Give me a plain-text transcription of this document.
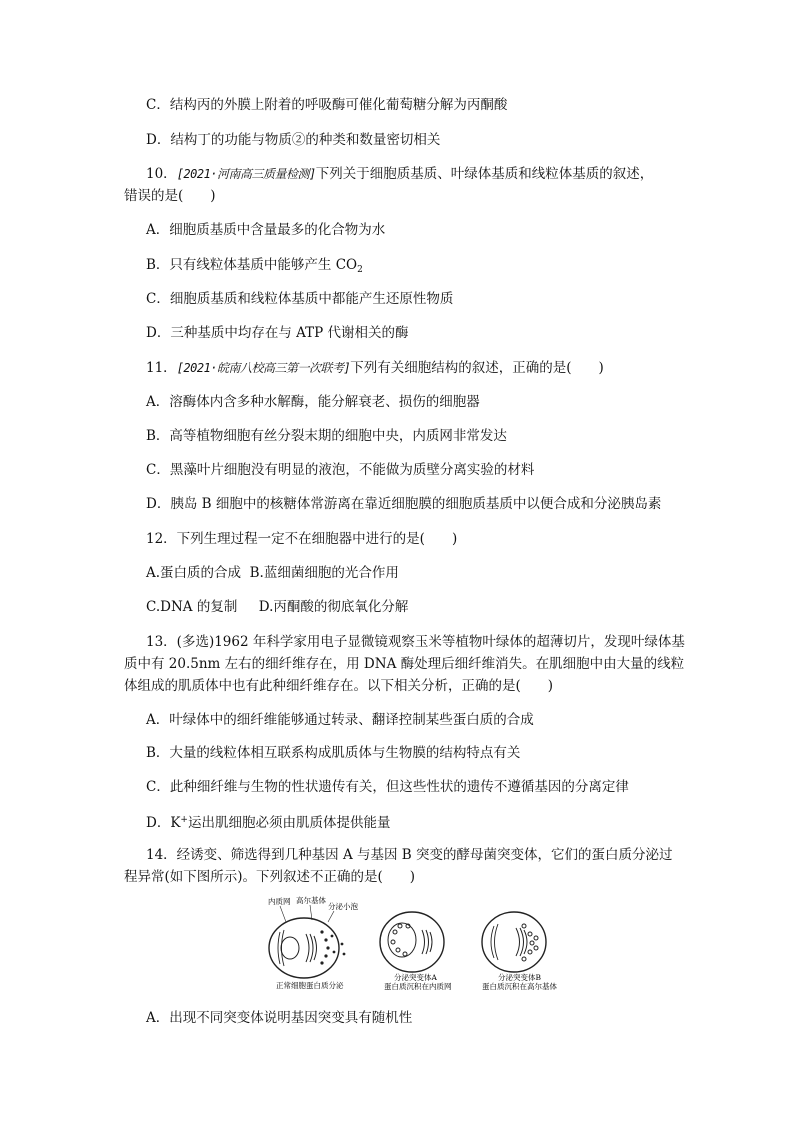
C．结构丙的外膜上附着的呼吸酶可催化葡萄糖分解为丙酮酸
D．结构丁的功能与物质②的种类和数量密切相关
10．[2021·河南高三质量检测]下列关于细胞质基质、叶绿体基质和线粒体基质的叙述，
错误的是(　　)
A．细胞质基质中含量最多的化合物为水
B．只有线粒体基质中能够产生 $CO_2$
C．细胞质基质和线粒体基质中都能产生还原性物质
D．三种基质中均存在与 ATP 代谢相关的酶
11．[2021·皖南八校高三第一次联考]下列有关细胞结构的叙述，正确的是(　　)
A．溶酶体内含多种水解酶，能分解衰老、损伤的细胞器
B．高等植物细胞有丝分裂末期的细胞中央，内质网非常发达
C．黑藻叶片细胞没有明显的液泡，不能做为质壁分离实验的材料
D．胰岛 B 细胞中的核糖体常游离在靠近细胞膜的细胞质基质中以便合成和分泌胰岛素
12．下列生理过程一定不在细胞器中进行的是(　　)
A.蛋白质的合成 B.蓝细菌细胞的光合作用
C.DNA 的复制 D.丙酮酸的彻底氧化分解
13．(多选)1962 年科学家用电子显微镜观察玉米等植物叶绿体的超薄切片，发现叶绿体基
质中有 20.5nm 左右的细纤维存在，用 DNA 酶处理后细纤维消失。在肌细胞中由大量的线粒
体组成的肌质体中也有此种细纤维存在。以下相关分析，正确的是(　　)
A．叶绿体中的细纤维能够通过转录、翻译控制某些蛋白质的合成
B．大量的线粒体相互联系构成肌质体与生物膜的结构特点有关
C．此种细纤维与生物的性状遗传有关，但这些性状的遗传不遵循基因的分离定律
D．K+运出肌细胞必须由肌质体提供能量
14．经诱变、筛选得到几种基因 A 与基因 B 突变的酵母菌突变体，它们的蛋白质分泌过
程异常(如下图所示)。下列叙述不正确的是(　　)
内质网 高尔基体
分泌小泡
正常细胞蛋白质分泌
分泌突变体A
蛋白质沉积在内质网
分泌突变体B
蛋白质沉积在高尔基体
A．出现不同突变体说明基因突变具有随机性
